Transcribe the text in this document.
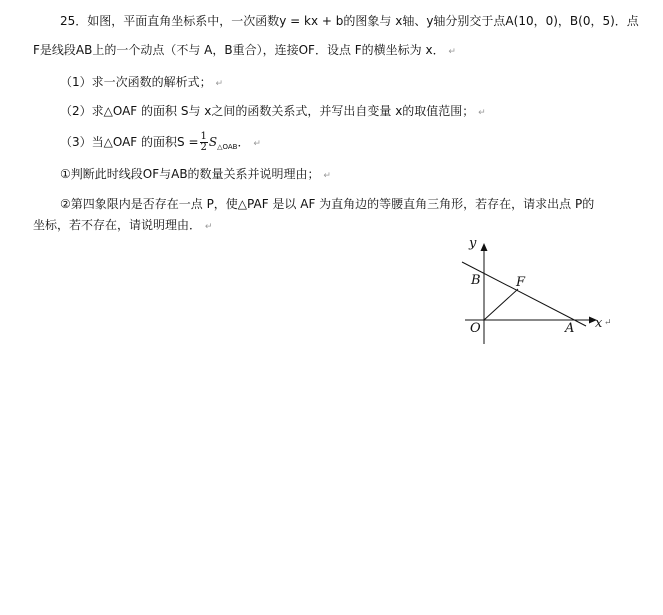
25．如图，平面直角坐标系中，一次函数y = kx + b的图象与 x轴、y轴分别交于点A(10，0)，B(0，5)．点
F是线段AB上的一个动点（不与 A，B重合），连接OF．设点 F的横坐标为 x． ↵
（1）求一次函数的解析式； ↵
（2）求△OAF 的面积 S与 x之间的函数关系式，并写出自变量 x的取值范围； ↵
（3）当△OAF 的面积$S = \frac{1}{2} S_{\triangle OAB}$． ↵
①判断此时线段OF与AB的数量关系并说明理由； ↵
②第四象限内是否存在一点 P，使△PAF 是以 AF 为直角边的等腰直角三角形，若存在，请求出点 P的
坐标，若不存在，请说明理由． ↵
y
B	F
O	A x ↵
